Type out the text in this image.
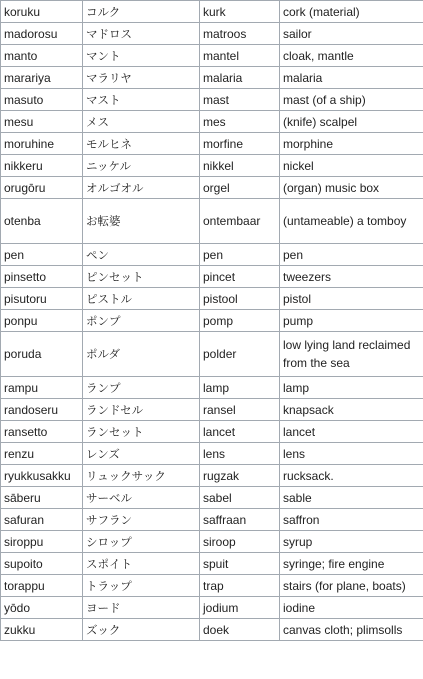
koruku	コルク	kurk	cork (material)
madorosu	マドロス	matroos	sailor
manto	マント	mantel	cloak, mantle
marariya	マラリヤ	malaria	malaria
masuto	マスト	mast	mast (of a ship)
mesu	メス	mes	(knife) scalpel
moruhine	モルヒネ	morfine	morphine
nikkeru	ニッケル	nikkel	nickel
orugōru	オルゴオル	orgel	(organ) music box
otenba	お転婆	ontembaar	(untameable) a tomboy
pen	ペン	pen	pen
pinsetto	ピンセット	pincet	tweezers
pisutoru	ピストル	pistool	pistol
ponpu	ポンプ	pomp	pump
poruda	ポルダ	polder	low lying land reclaimed from the sea
rampu	ランプ	lamp	lamp
randoseru	ランドセル	ransel	knapsack
ransetto	ランセット	lancet	lancet
renzu	レンズ	lens	lens
ryukkusakku	リュックサック	rugzak	rucksack.
sāberu	サーベル	sabel	sable
safuran	サフラン	saffraan	saffron
siroppu	シロップ	siroop	syrup
supoito	スポイト	spuit	syringe; fire engine
torappu	トラップ	trap	stairs (for plane, boats)
yōdo	ヨード	jodium	iodine
zukku	ズック	doek	canvas cloth; plimsolls
